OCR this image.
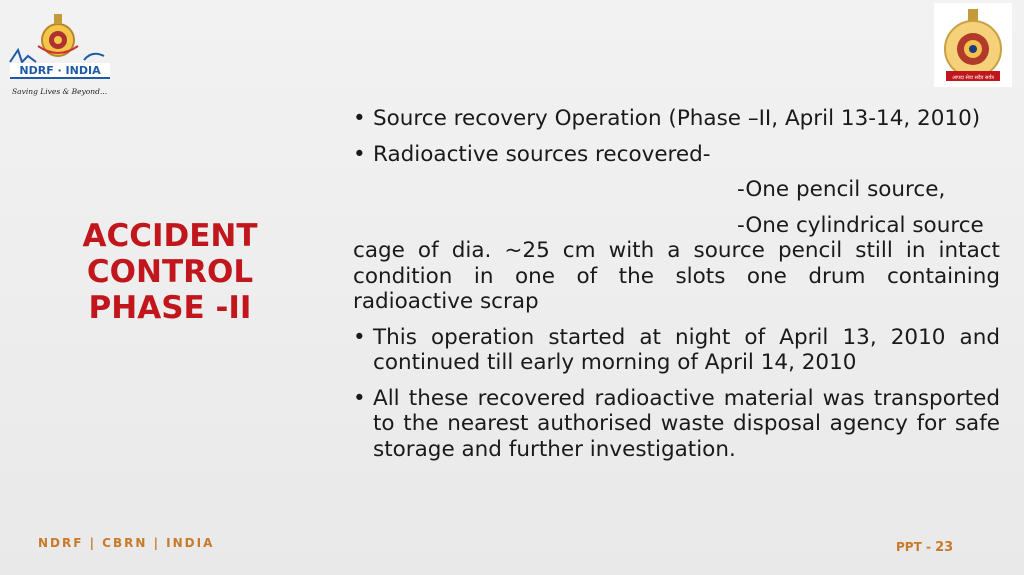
NDRF · INDIA
Saving Lives & Beyond...
आपदा सेवा सदैव सर्वत्र
ACCIDENT
CONTROL
PHASE -II
• Source recovery Operation (Phase –II, April 13-14, 2010)
• Radioactive sources recovered-
-One pencil source,
-One cylindrical source
cage of dia. ~25 cm with a source pencil still in intact condition in one of the slots one drum containing radioactive scrap
• This operation started at night of April 13, 2010 and continued till early morning of April 14, 2010
• All these recovered radioactive material was transported to the nearest authorised waste disposal agency for safe storage and further investigation.
NDRF | CBRN | INDIA	PPT - 23
